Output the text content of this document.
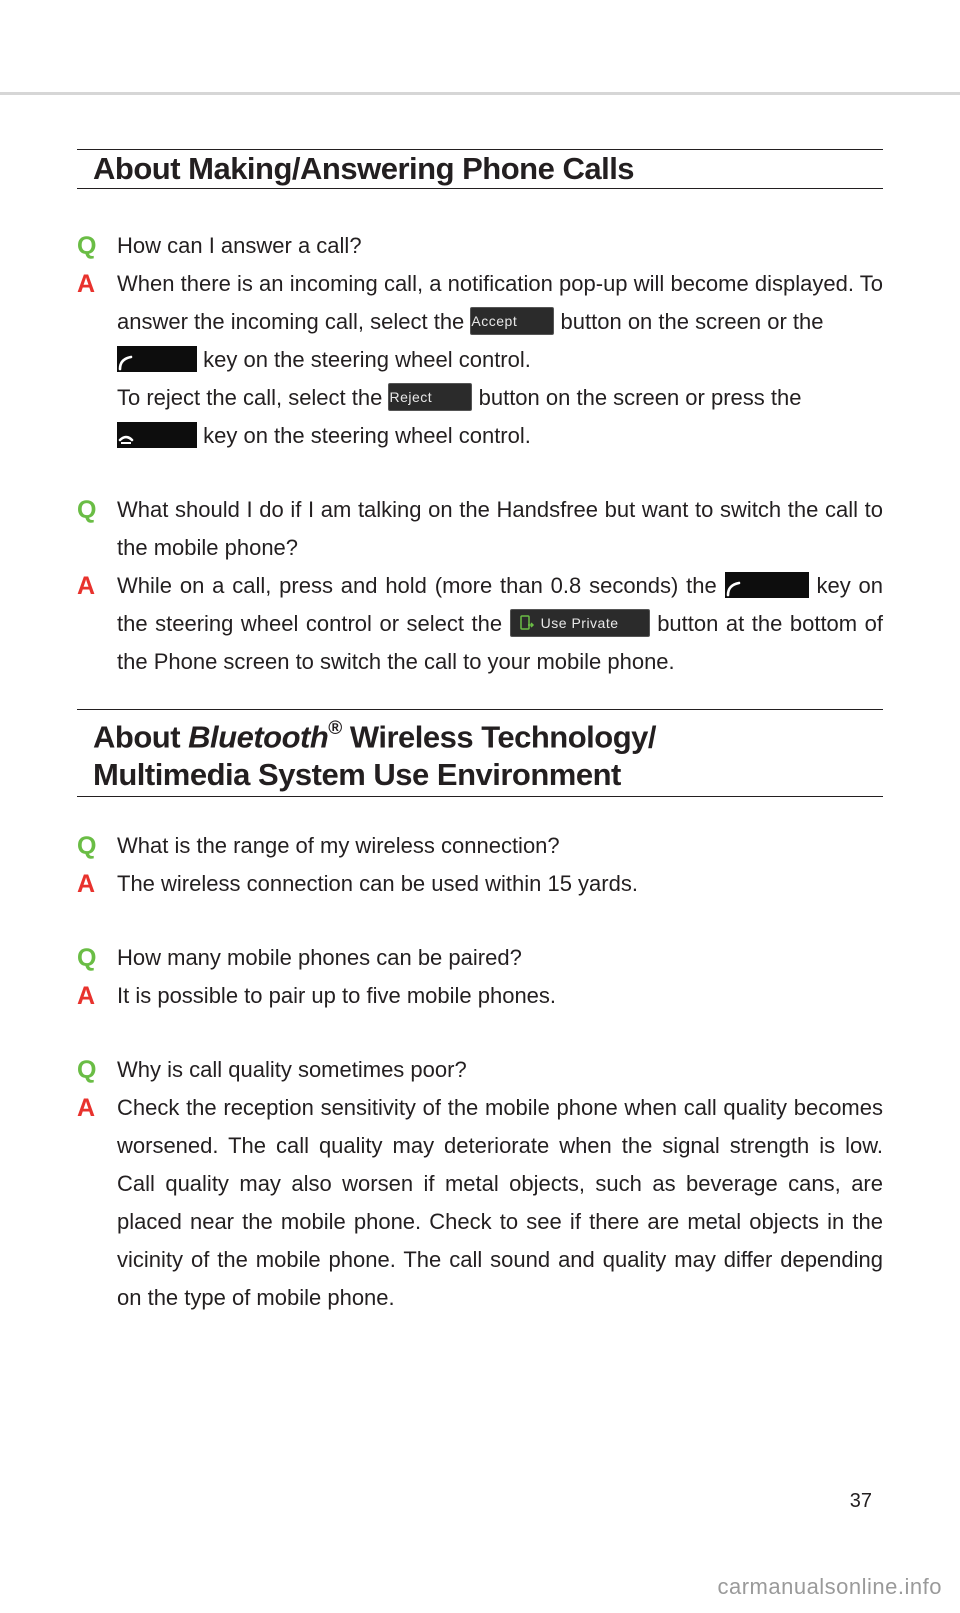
About Making/Answering Phone Calls
Q How can I answer a call?
A When there is an incoming call, a notification pop-up will become displayed. To answer the incoming call, select the Accept button on the screen or the
key on the steering wheel control.
To reject the call, select the Reject button on the screen or press the
key on the steering wheel control.
Q What should I do if I am talking on the Handsfree but want to switch the call to the mobile phone?
A While on a call, press and hold (more than 0.8 seconds) the	key on the steering wheel control or select the	Use Private button at the bottom of the Phone screen to switch the call to your mobile phone.
About Bluetooth® Wireless Technology/
Multimedia System Use Environment
Q What is the range of my wireless connection?
A The wireless connection can be used within 15 yards.
Q How many mobile phones can be paired?
A It is possible to pair up to five mobile phones.
Q Why is call quality sometimes poor?
A Check the reception sensitivity of the mobile phone when call quality becomes worsened. The call quality may deteriorate when the signal strength is low. Call quality may also worsen if metal objects, such as beverage cans, are placed near the mobile phone. Check to see if there are metal objects in the vicinity of the mobile phone. The call sound and quality may differ depending on the type of mobile phone.
37
carmanualsonline.info
